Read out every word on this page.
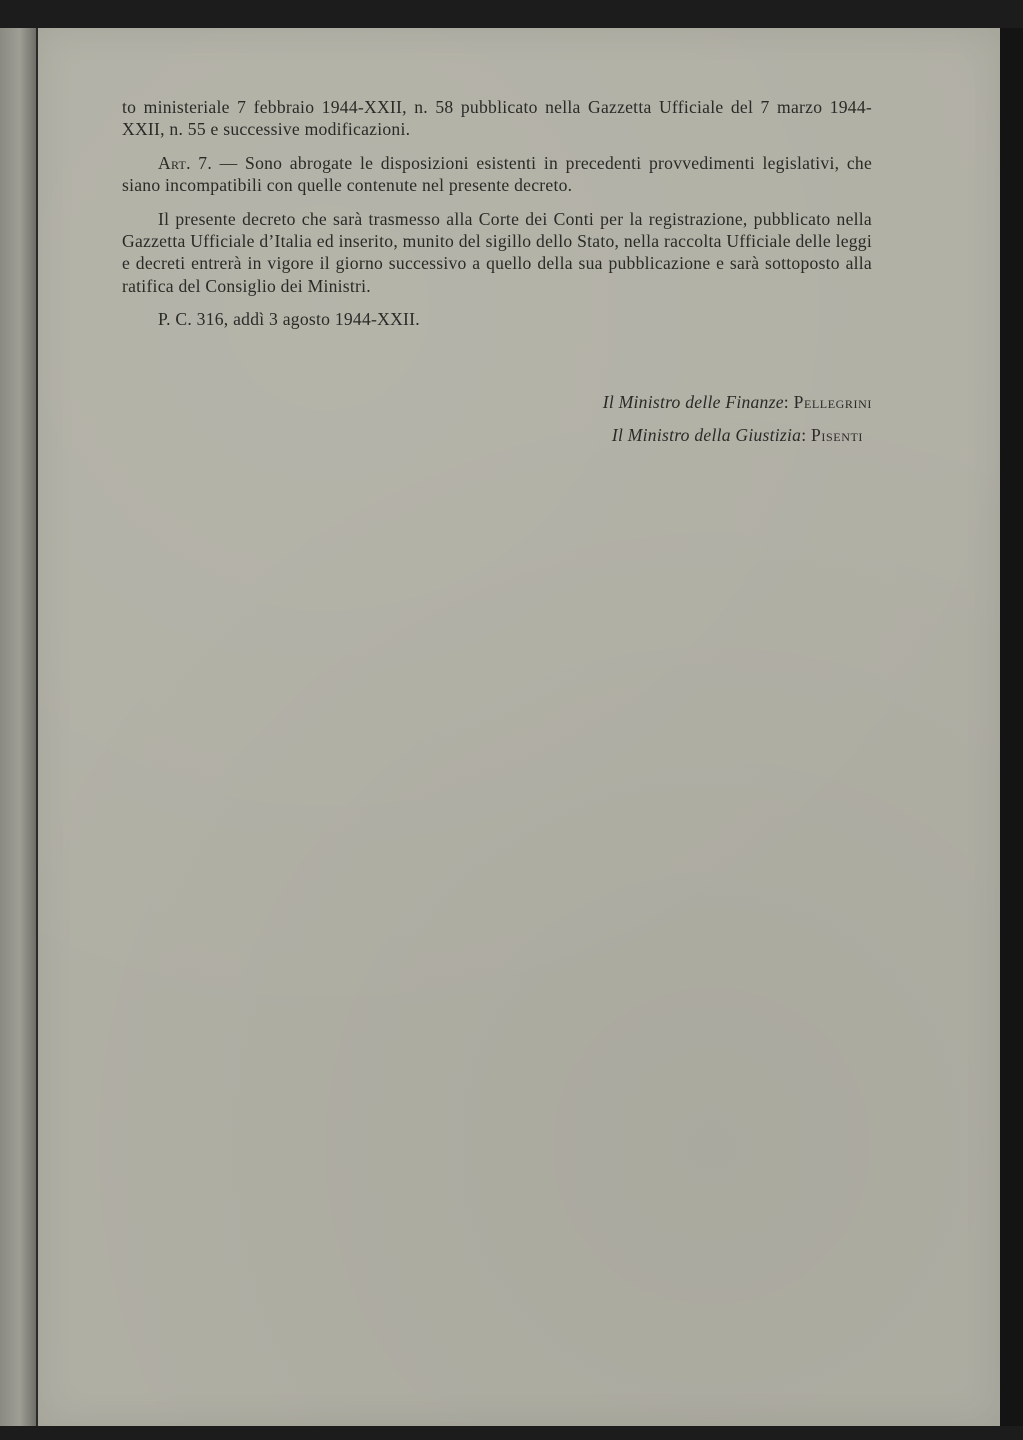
to ministeriale 7 febbraio 1944-XXII, n. 58 pubblicato nella Gazzetta Ufficiale del 7 marzo 1944-XXII, n. 55 e successive modificazioni.

Art. 7. — Sono abrogate le disposizioni esistenti in precedenti provvedimenti legislativi, che siano incompatibili con quelle contenute nel presente decreto.

Il presente decreto che sarà trasmesso alla Corte dei Conti per la registrazione, pubblicato nella Gazzetta Ufficiale d’Italia ed inserito, munito del sigillo dello Stato, nella raccolta Ufficiale delle leggi e decreti entrerà in vigore il giorno successivo a quello della sua pubblicazione e sarà sottoposto alla ratifica del Consiglio dei Ministri.

P. C. 316, addì 3 agosto 1944-XXII.

Il Ministro delle Finanze: Pellegrini
Il Ministro della Giustizia: Pisenti
